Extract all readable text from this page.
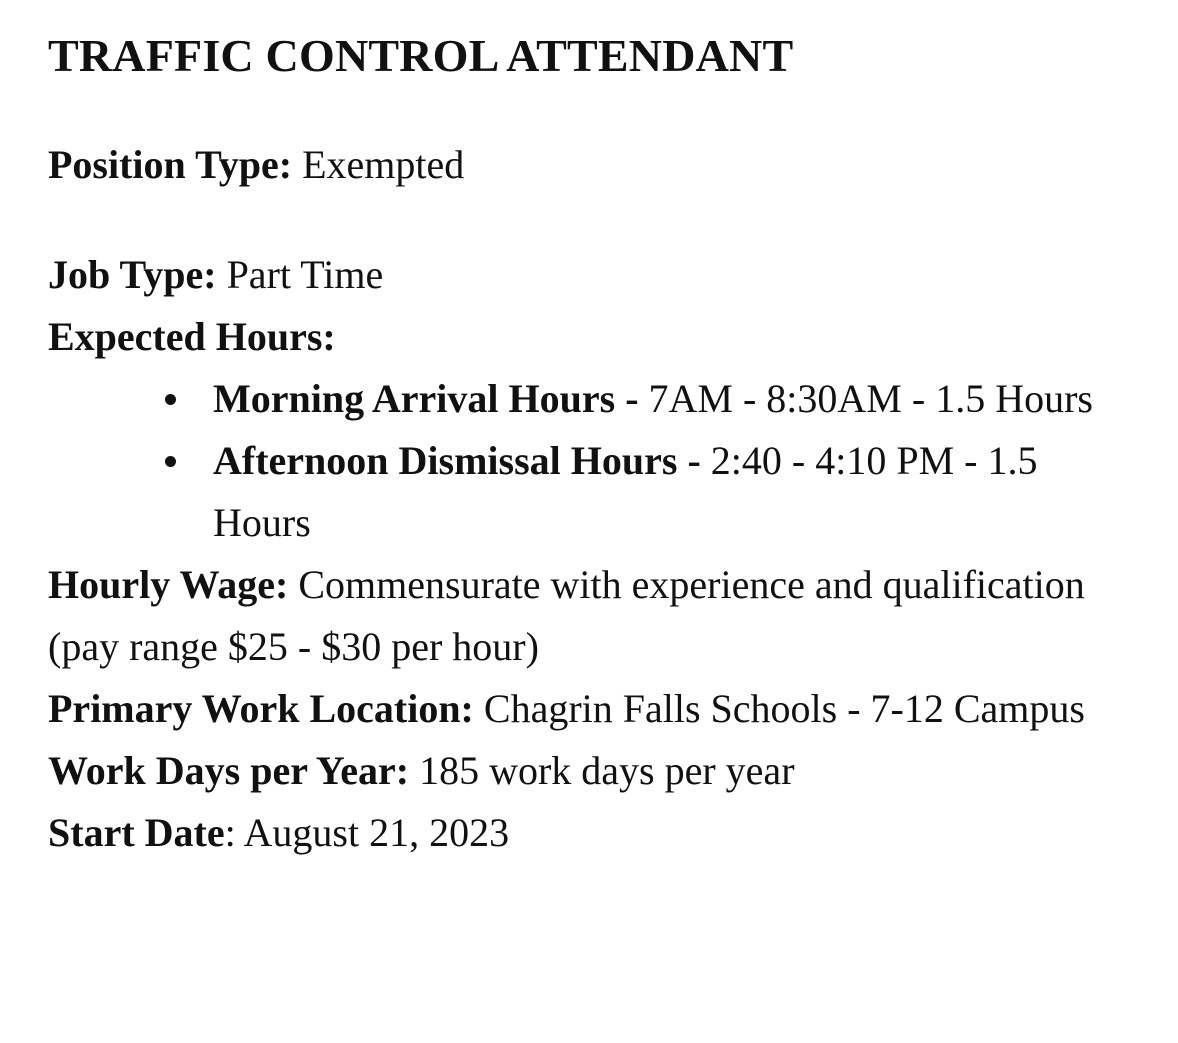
TRAFFIC CONTROL ATTENDANT

Position Type: Exempted

Job Type: Part Time

Expected Hours:

Morning Arrival Hours - 7AM - 8:30AM - 1.5 Hours
Afternoon Dismissal Hours - 2:40 - 4:10 PM - 1.5 Hours

Hourly Wage: Commensurate with experience and qualification (pay range $25 - $30 per hour)

Primary Work Location: Chagrin Falls Schools - 7-12 Campus

Work Days per Year: 185 work days per year

Start Date: August 21, 2023
